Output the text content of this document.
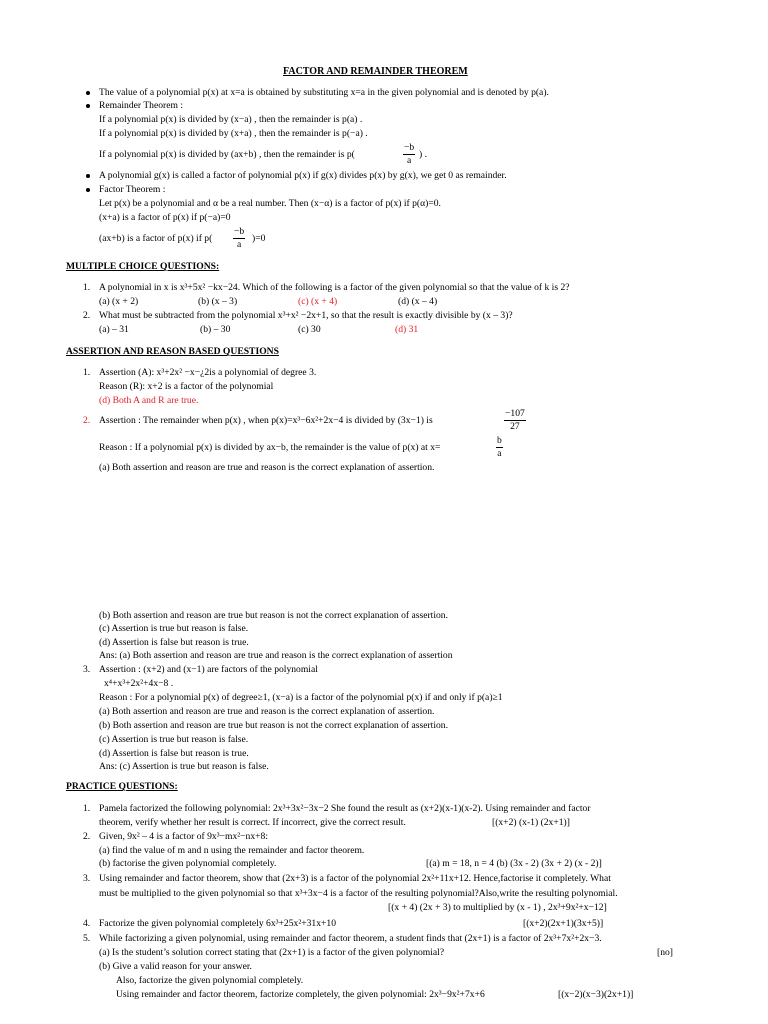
FACTOR AND REMAINDER THEOREM
The value of a polynomial p(x) at x=a is obtained by substituting x=a in the given polynomial and is denoted by p(a).
Remainder Theorem :
If a polynomial p(x) is divided by (x−a) , then the remainder is p(a) .
If a polynomial p(x) is divided by (x+a) , then the remainder is p(−a) .
If a polynomial p(x) is divided by (ax+b) , then the remainder is p(	$\frac{-b}{a}$ ) .
A polynomial g(x) is called a factor of polynomial p(x) if g(x) divides p(x) by g(x), we get 0 as remainder.
Factor Theorem :
Let p(x) be a polynomial and α be a real number. Then (x−α) is a factor of p(x) if p(α)=0.
(x+a) is a factor of p(x) if p(−a)=0
(ax+b) is a factor of p(x) if $p( \frac{-b}{a} )=0$
MULTIPLE CHOICE QUESTIONS:
1. A polynomial in x is x³+5x² −kx−24. Which of the following is a factor of the given polynomial so that the value of k is 2?
(a) (x + 2)	(b) (x – 3)	(c) (x + 4)	(d) (x – 4)
2. What must be subtracted from the polynomial x³+x² −2x+1, so that the result is exactly divisible by (x – 3)?
(a) – 31	(b) – 30	(c) 30	(d) 31
ASSERTION AND REASON BASED QUESTIONS
1. Assertion (A): x³+2x² −x−¿2is a polynomial of degree 3.
Reason (R): x+2 is a factor of the polynomial
(d) Both A and R are true.
2. Assertion : The remainder when p(x) , when p(x)=x³−6x²+2x−4 is divided by (3x−1) is	$\frac{-107}{27}$
Reason : If a polynomial p(x) is divided by ax−b, the remainder is the value of p(x) at x=	$\frac{b}{a}$
(a) Both assertion and reason are true and reason is the correct explanation of assertion.
(b) Both assertion and reason are true but reason is not the correct explanation of assertion.
(c) Assertion is true but reason is false.
(d) Assertion is false but reason is true.
Ans: (a) Both assertion and reason are true and reason is the correct explanation of assertion
3. Assertion : (x+2) and (x−1) are factors of the polynomial
x⁴+x³+2x²+4x−8 .
Reason : For a polynomial p(x) of degree≥1, (x−a) is a factor of the polynomial p(x) if and only if p(a)≥1
(a) Both assertion and reason are true and reason is the correct explanation of assertion.
(b) Both assertion and reason are true but reason is not the correct explanation of assertion.
(c) Assertion is true but reason is false.
(d) Assertion is false but reason is true.
Ans: (c) Assertion is true but reason is false.
PRACTICE QUESTIONS:
1. Pamela factorized the following polynomial: 2x³+3x²−3x−2 She found the result as (x+2)(x-1)(x-2). Using remainder and factor
theorem, verify whether her result is correct. If incorrect, give the correct result.	[(x+2) (x-1) (2x+1)]
2. Given, 9x² – 4 is a factor of 9x³−mx²−nx+8:
(a) find the value of m and n using the remainder and factor theorem.
(b) factorise the given polynomial completely.	[(a) m = 18, n = 4 (b) (3x - 2) (3x + 2) (x - 2)]
3. Using remainder and factor theorem, show that (2x+3) is a factor of the polynomial 2x²+11x+12. Hence,factorise it completely. What
must be multiplied to the given polynomial so that x³+3x−4 is a factor of the resulting polynomial?Also,write the resulting polynomial.
[(x + 4) (2x + 3) to multiplied by (x - 1) , 2x³+9x²+x−12]
4. Factorize the given polynomial completely 6x³+25x²+31x+10	[(x+2)(2x+1)(3x+5)]
5. While factorizing a given polynomial, using remainder and factor theorem, a student finds that (2x+1) is a factor of 2x³+7x²+2x−3.
(a) Is the student’s solution correct stating that (2x+1) is a factor of the given polynomial?	[no]
(b) Give a valid reason for your answer.
Also, factorize the given polynomial completely.
Using remainder and factor theorem, factorize completely, the given polynomial: 2x³−9x²+7x+6	[(x−2)(x−3)(2x+1)]
